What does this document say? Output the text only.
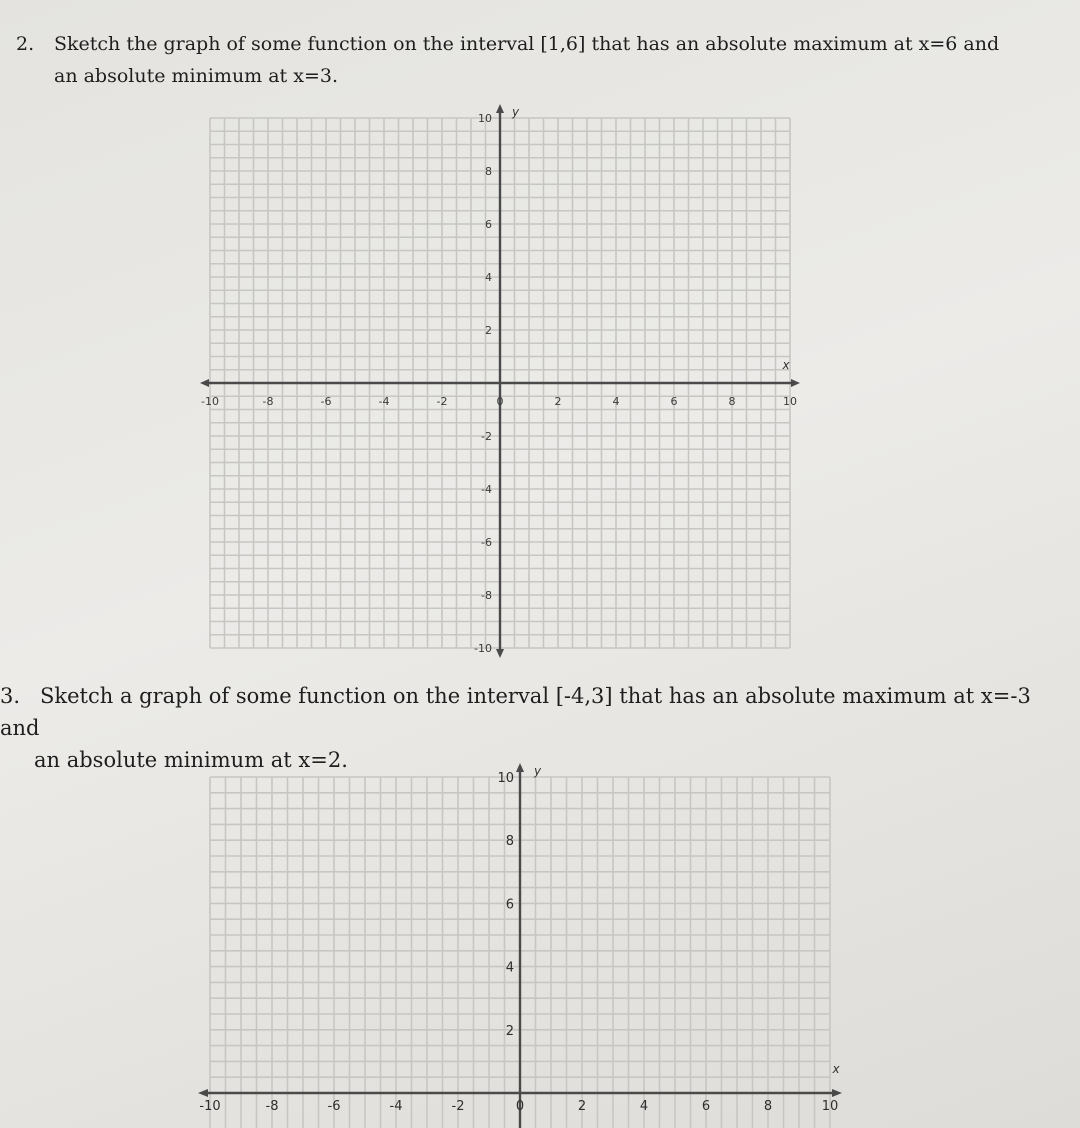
2. Sketch the graph of some function on the interval [1,6] that has an absolute maximum at x=6 and
an absolute minimum at x=3.

-10	-8	-6	-4	-2	0	2	4	6	8	10
10
8
6
4
2
-2
-4
-6
-8
-10
x
y

3. Sketch a graph of some function on the interval [-4,3] that has an absolute maximum at x=-3 and
an absolute minimum at x=2.

-10	-8	-6	-4	-2	0	2	4	6	8	10
10
8
6
4
2
x
y
